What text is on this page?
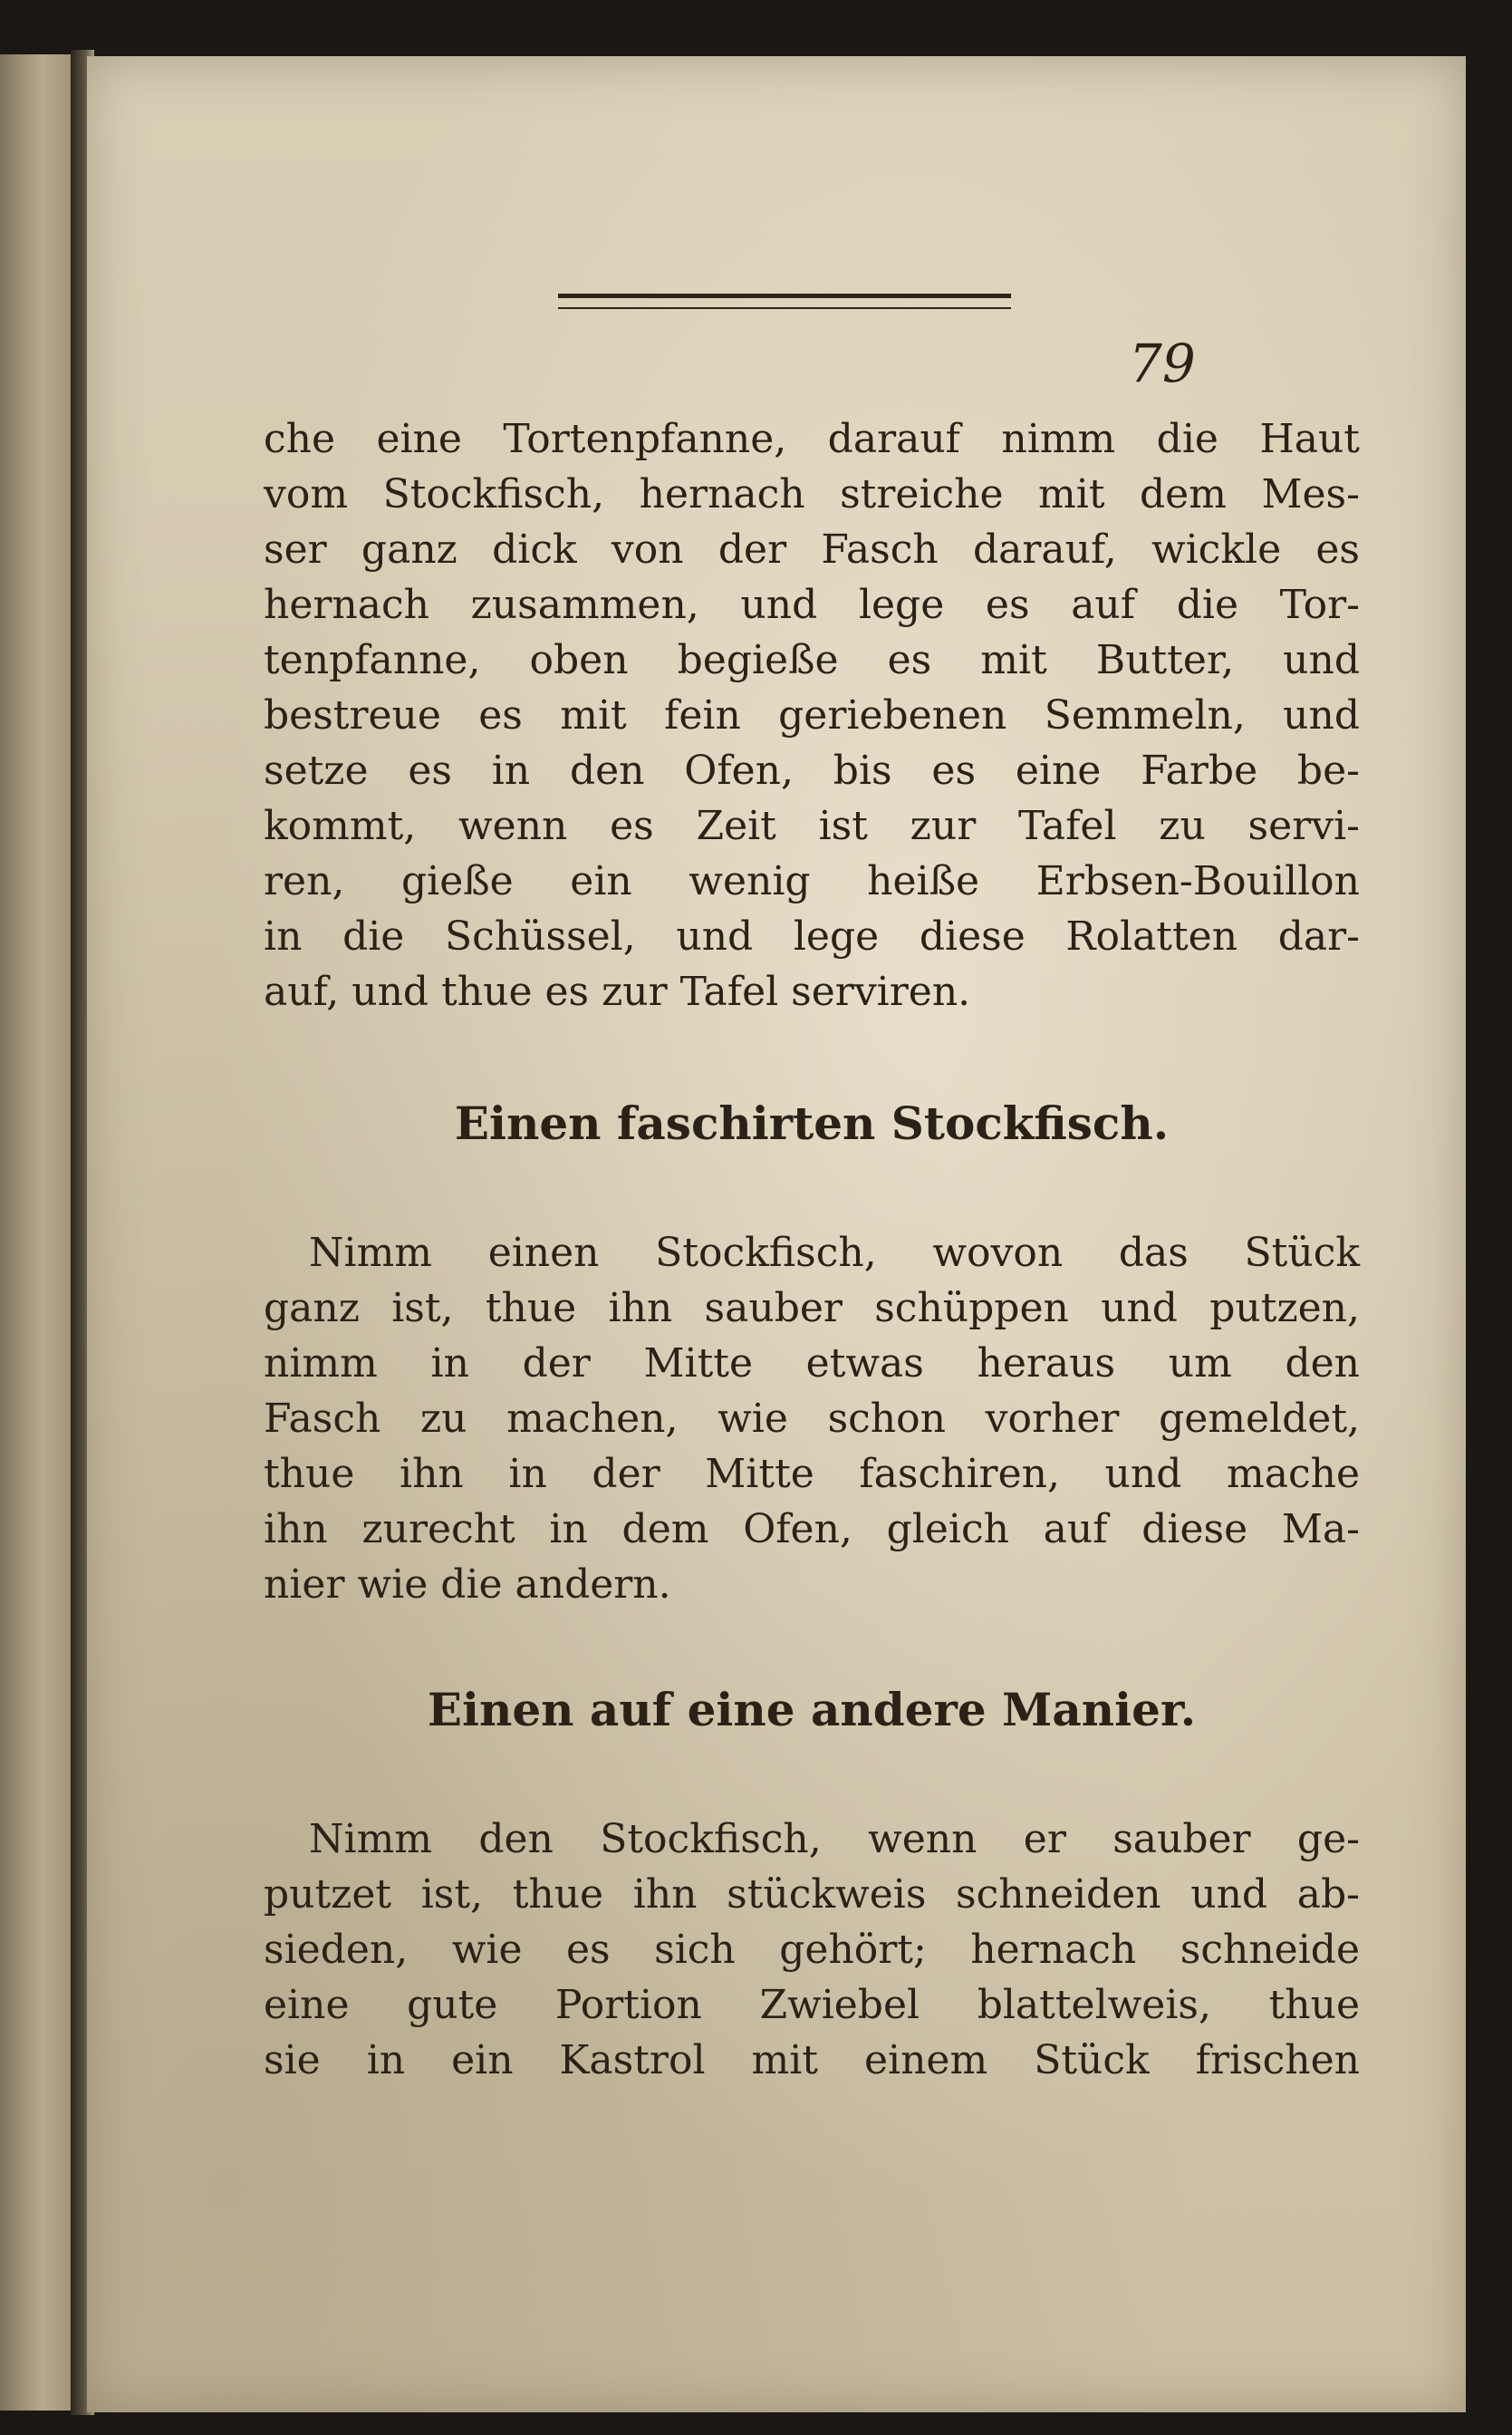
79

che eine Tortenpfanne, darauf nimm die Haut
vom Stockfisch, hernach streiche mit dem Mes-
ser ganz dick von der Fasch darauf, wickle es
hernach zusammen, und lege es auf die Tor-
tenpfanne, oben begieße es mit Butter, und
bestreue es mit fein geriebenen Semmeln, und
setze es in den Ofen, bis es eine Farbe be-
kommt, wenn es Zeit ist zur Tafel zu servi-
ren, gieße ein wenig heiße Erbsen-Bouillon
in die Schüssel, und lege diese Rolatten dar-
auf, und thue es zur Tafel serviren.

Einen faschirten Stockfisch.

Nimm einen Stockfisch, wovon das Stück
ganz ist, thue ihn sauber schüppen und putzen,
nimm in der Mitte etwas heraus um den
Fasch zu machen, wie schon vorher gemeldet,
thue ihn in der Mitte faschiren, und mache
ihn zurecht in dem Ofen, gleich auf diese Ma-
nier wie die andern.

Einen auf eine andere Manier.

Nimm den Stockfisch, wenn er sauber ge-
putzet ist, thue ihn stückweis schneiden und ab-
sieden, wie es sich gehört; hernach schneide
eine gute Portion Zwiebel blattelweis, thue
sie in ein Kastrol mit einem Stück frischen
